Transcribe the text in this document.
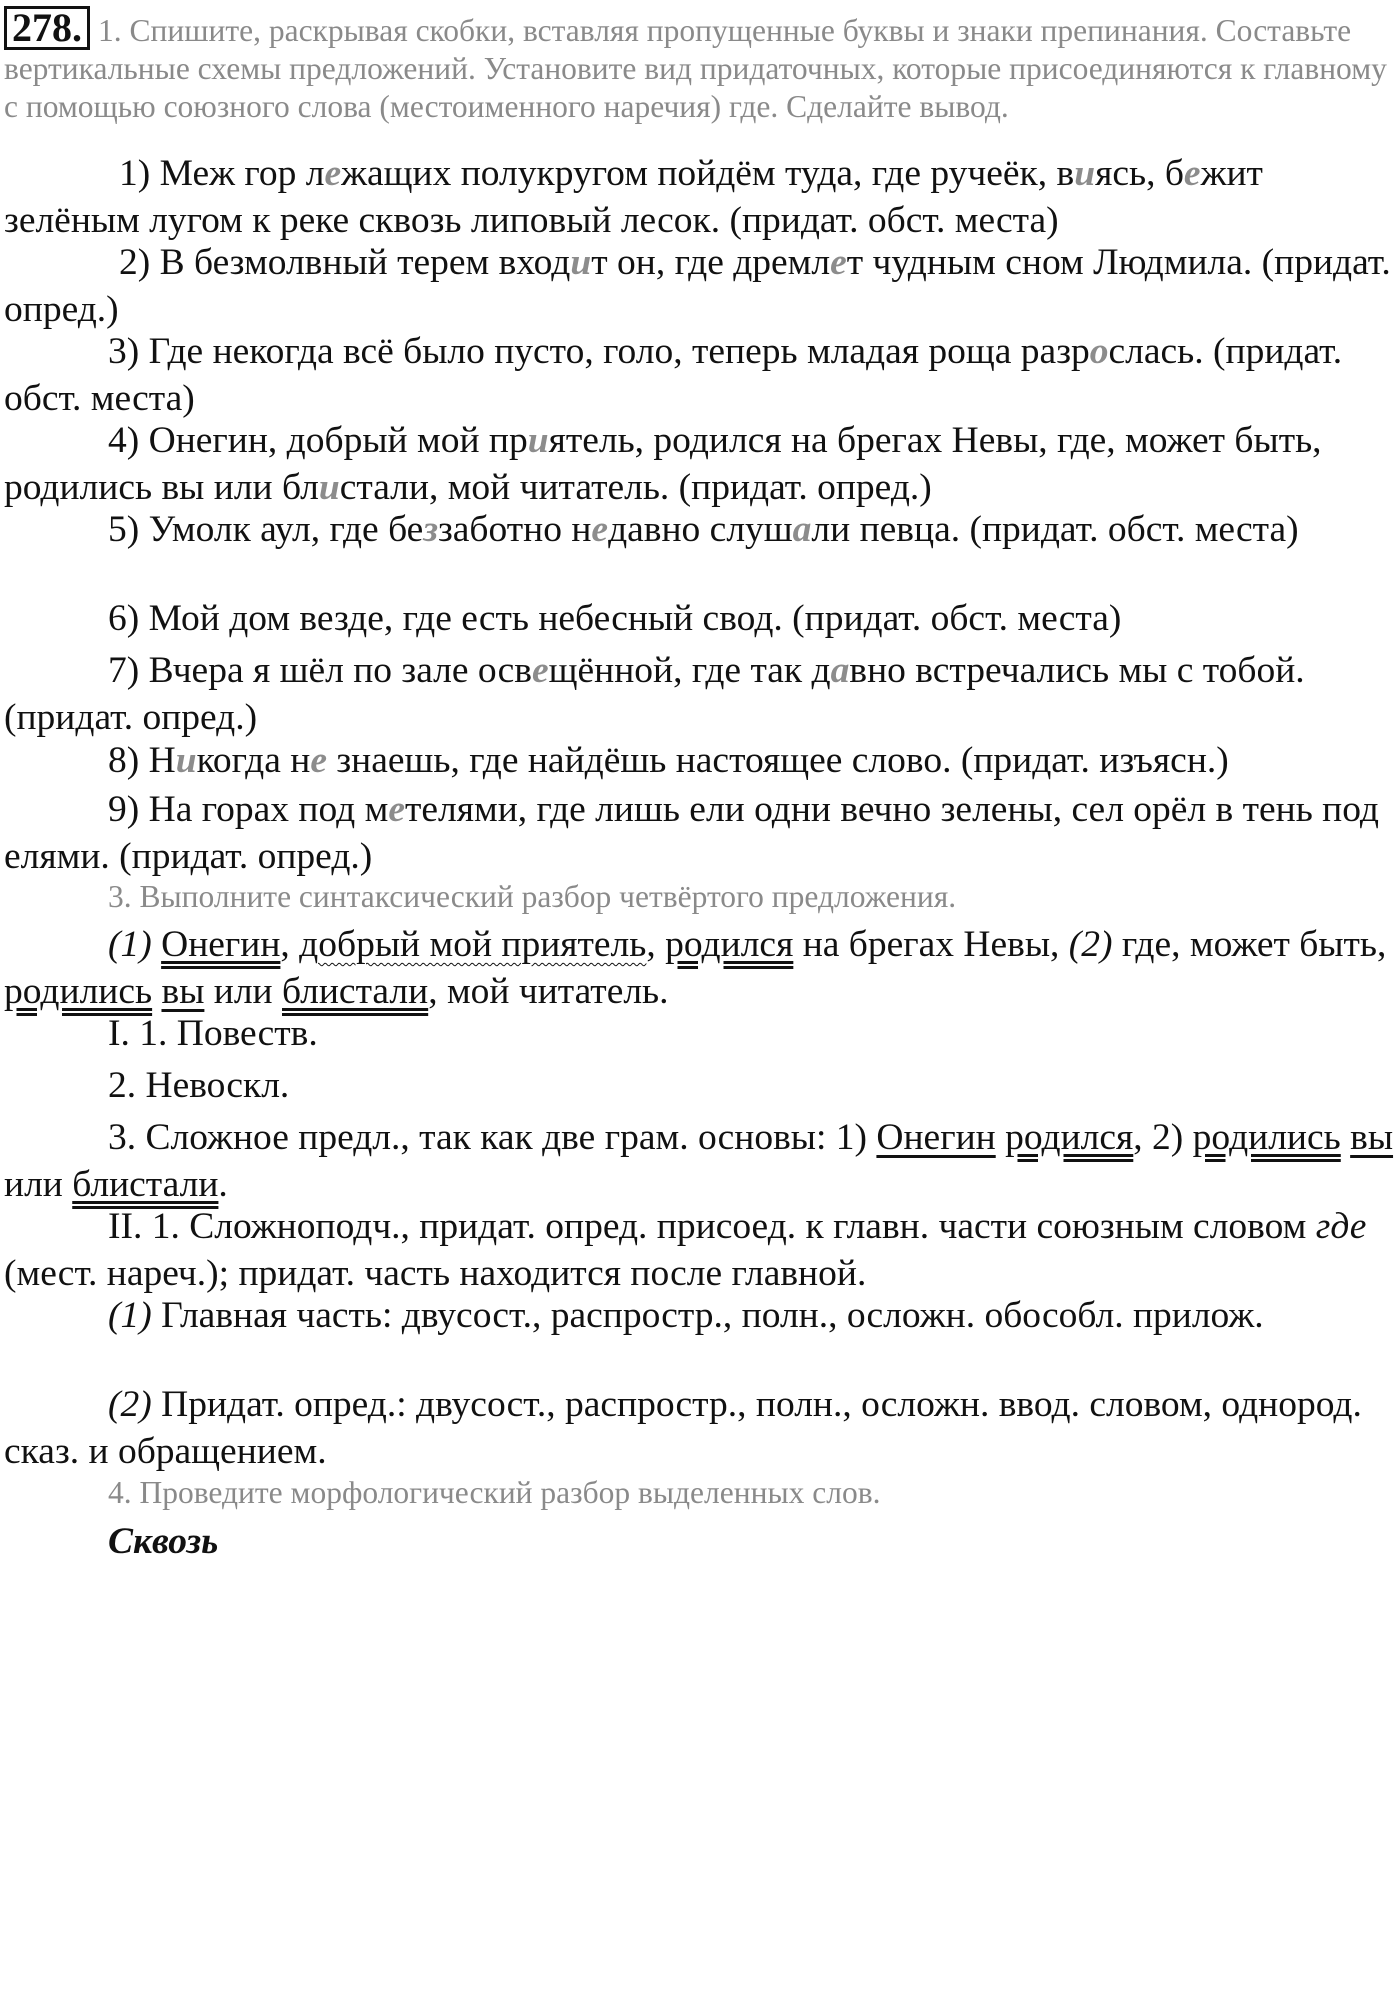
278. 1. Спишите, раскрывая скобки, вставляя пропущенные буквы и знаки препинания. Составьте вертикальные схемы предложений. Установите вид придаточных, которые присоединяются к главному с помощью союзного слова (местоименного наречия) где. Сделайте вывод.

1) Меж гор лежащих полукругом пойдём туда, где ручеёк, виясь, бежит зелёным лугом к реке сквозь липовый лесок. (придат. обст. места)

2) В безмолвный терем входит он, где дремлет чудным сном Людмила. (придат. опред.)

3) Где некогда всё было пусто, голо, теперь младая роща разрослась. (придат. обст. места)

4) Онегин, добрый мой приятель, родился на брегах Невы, где, может быть, родились вы или блистали, мой читатель. (придат. опред.)

5) Умолк аул, где беззаботно недавно слушали певца. (придат. обст. места)

6) Мой дом везде, где есть небесный свод. (придат. обст. места)

7) Вчера я шёл по зале освещённой, где так давно встречались мы с тобой. (придат. опред.)

8) Никогда не знаешь, где найдёшь настоящее слово. (придат. изъясн.)

9) На горах под метелями, где лишь ели одни вечно зелены, сел орёл в тень под елями. (придат. опред.)

3. Выполните синтаксический разбор четвёртого предложения.

(1) Онегин, добрый мой приятель, родился на брегах Невы, (2) где, может быть, родились вы или блистали, мой читатель.

I. 1. Повеств.

2. Невоскл.

3. Сложное предл., так как две грам. основы: 1) Онегин родился, 2) родились вы или блистали.

II. 1. Сложноподч., придат. опред. присоед. к главн. части союзным словом где (мест. нареч.); придат. часть находится после главной.

(1) Главная часть: двусост., распростр., полн., осложн. обособл. прилож.

(2) Придат. опред.: двусост., распростр., полн., осложн. ввод. словом, однород. сказ. и обращением.

4. Проведите морфологический разбор выделенных слов.

Сквозь
